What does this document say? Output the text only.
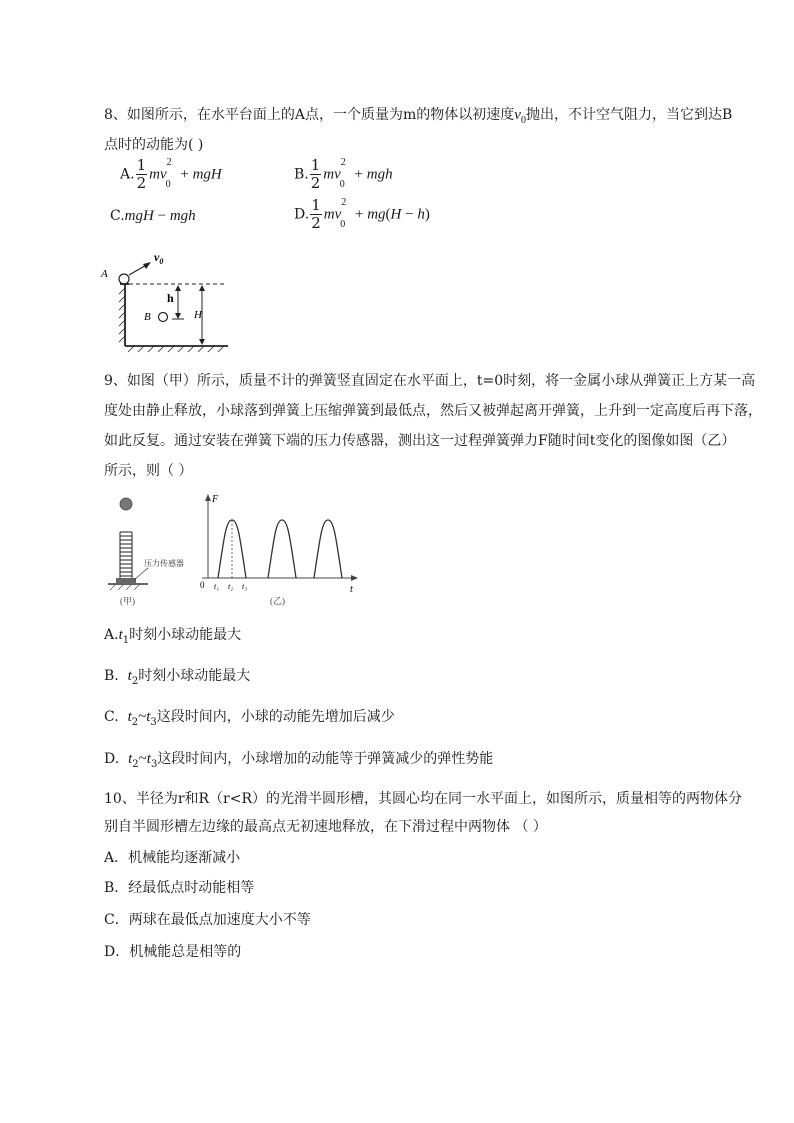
8、如图所示，在水平台面上的A点，一个质量为m的物体以初速度$v_0$抛出，不计空气阻力，当它到达B
点时的动能为( )
A. $\frac{1}{2} mv^2_0$ + mgH	B. $\frac{1}{2} mv^2_0$ + mgh
C.mgH − mgh	D. $\frac{1}{2} mv^2_0 + mg(H - h)$
A
$v_0$
B
h
H
9、如图（甲）所示，质量不计的弹簧竖直固定在水平面上，t=0时刻，将一金属小球从弹簧正上方某一高
度处由静止释放，小球落到弹簧上压缩弹簧到最低点，然后又被弹起离开弹簧，上升到一定高度后再下落，
如此反复。通过安装在弹簧下端的压力传感器，测出这一过程弹簧弹力F随时间t变化的图像如图（乙）
所示，则（ ）
压力传感器
(甲)
F
t
0 t₁ t₂ t₃
(乙)
$A.t_1$时刻小球动能最大
B. $t_2$时刻小球动能最大
C. $t_2\sim t_3$这段时间内，小球的动能先增加后减少
D. $t_2\sim t_3$这段时间内，小球增加的动能等于弹簧减少的弹性势能
10、半径为r和R（r<R）的光滑半圆形槽，其圆心均在同一水平面上，如图所示，质量相等的两物体分
别自半圆形槽左边缘的最高点无初速地释放，在下滑过程中两物体 （ ）
A．机械能均逐渐减小
B．经最低点时动能相等
C．两球在最低点加速度大小不等
D．机械能总是相等的
